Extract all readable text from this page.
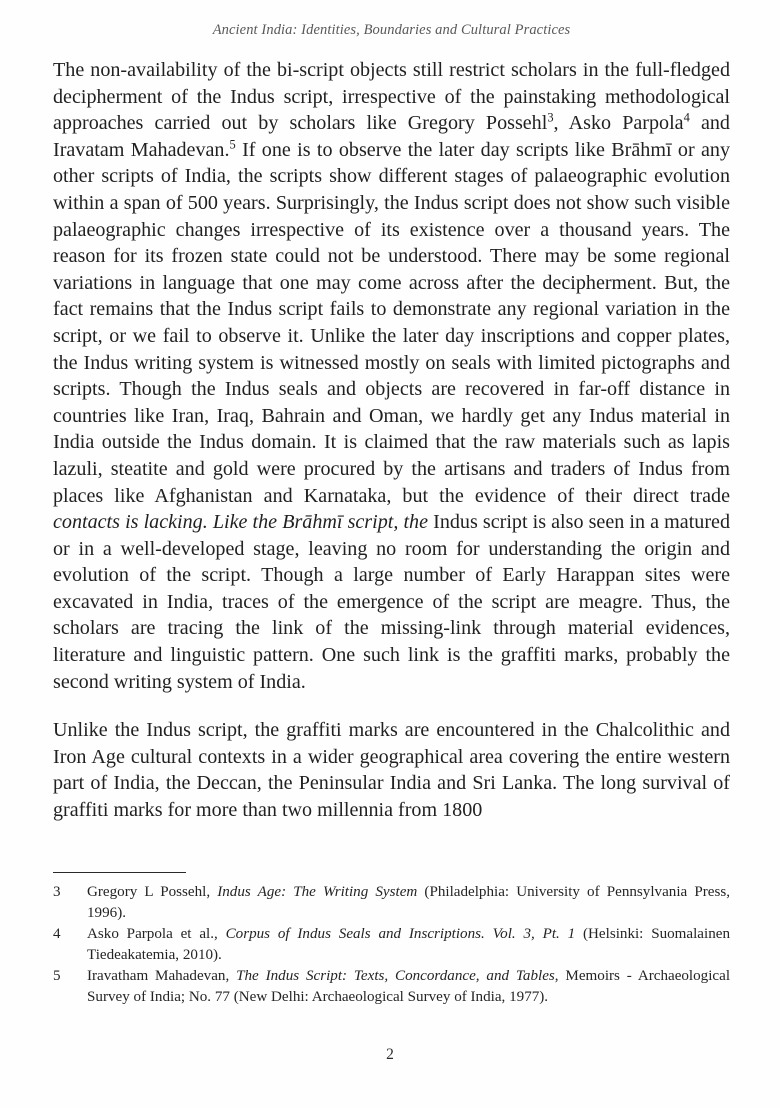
Ancient India: Identities, Boundaries and Cultural Practices

The non-availability of the bi-script objects still restrict scholars in the full-fledged decipherment of the Indus script, irrespective of the painstaking methodological approaches carried out by scholars like Gregory Possehl$^3$, Asko Parpola$^4$ and Iravatam Mahadevan.$^5$ If one is to observe the later day scripts like Brāhmī or any other scripts of India, the scripts show different stages of palaeographic evolution within a span of 500 years. Surprisingly, the Indus script does not show such visible palaeographic changes irrespective of its existence over a thousand years. The reason for its frozen state could not be understood. There may be some regional variations in language that one may come across after the decipherment. But, the fact remains that the Indus script fails to demonstrate any regional variation in the script, or we fail to observe it. Unlike the later day inscriptions and copper plates, the Indus writing system is witnessed mostly on seals with limited pictographs and scripts. Though the Indus seals and objects are recovered in far-off distance in countries like Iran, Iraq, Bahrain and Oman, we hardly get any Indus material in India outside the Indus domain. It is claimed that the raw materials such as lapis lazuli, steatite and gold were procured by the artisans and traders of Indus from places like Afghanistan and Karnataka, but the evidence of their direct trade contacts is lacking. Like the Brāhmī script, the Indus script is also seen in a matured or in a well-developed stage, leaving no room for understanding the origin and evolution of the script. Though a large number of Early Harappan sites were excavated in India, traces of the emergence of the script are meagre. Thus, the scholars are tracing the link of the missing-link through material evidences, literature and linguistic pattern. One such link is the graffiti marks, probably the second writing system of India.

Unlike the Indus script, the graffiti marks are encountered in the Chalcolithic and Iron Age cultural contexts in a wider geographical area covering the entire western part of India, the Deccan, the Peninsular India and Sri Lanka. The long survival of graffiti marks for more than two millennia from 1800

3	Gregory L Possehl, Indus Age: The Writing System (Philadelphia: University of Pennsylvania Press, 1996).
4	Asko Parpola et al., Corpus of Indus Seals and Inscriptions. Vol. 3, Pt. 1 (Helsinki: Suomalainen Tiedeakatemia, 2010).
5	Iravatham Mahadevan, The Indus Script: Texts, Concordance, and Tables, Memoirs - Archaeological Survey of India; No. 77 (New Delhi: Archaeological Survey of India, 1977).
2
